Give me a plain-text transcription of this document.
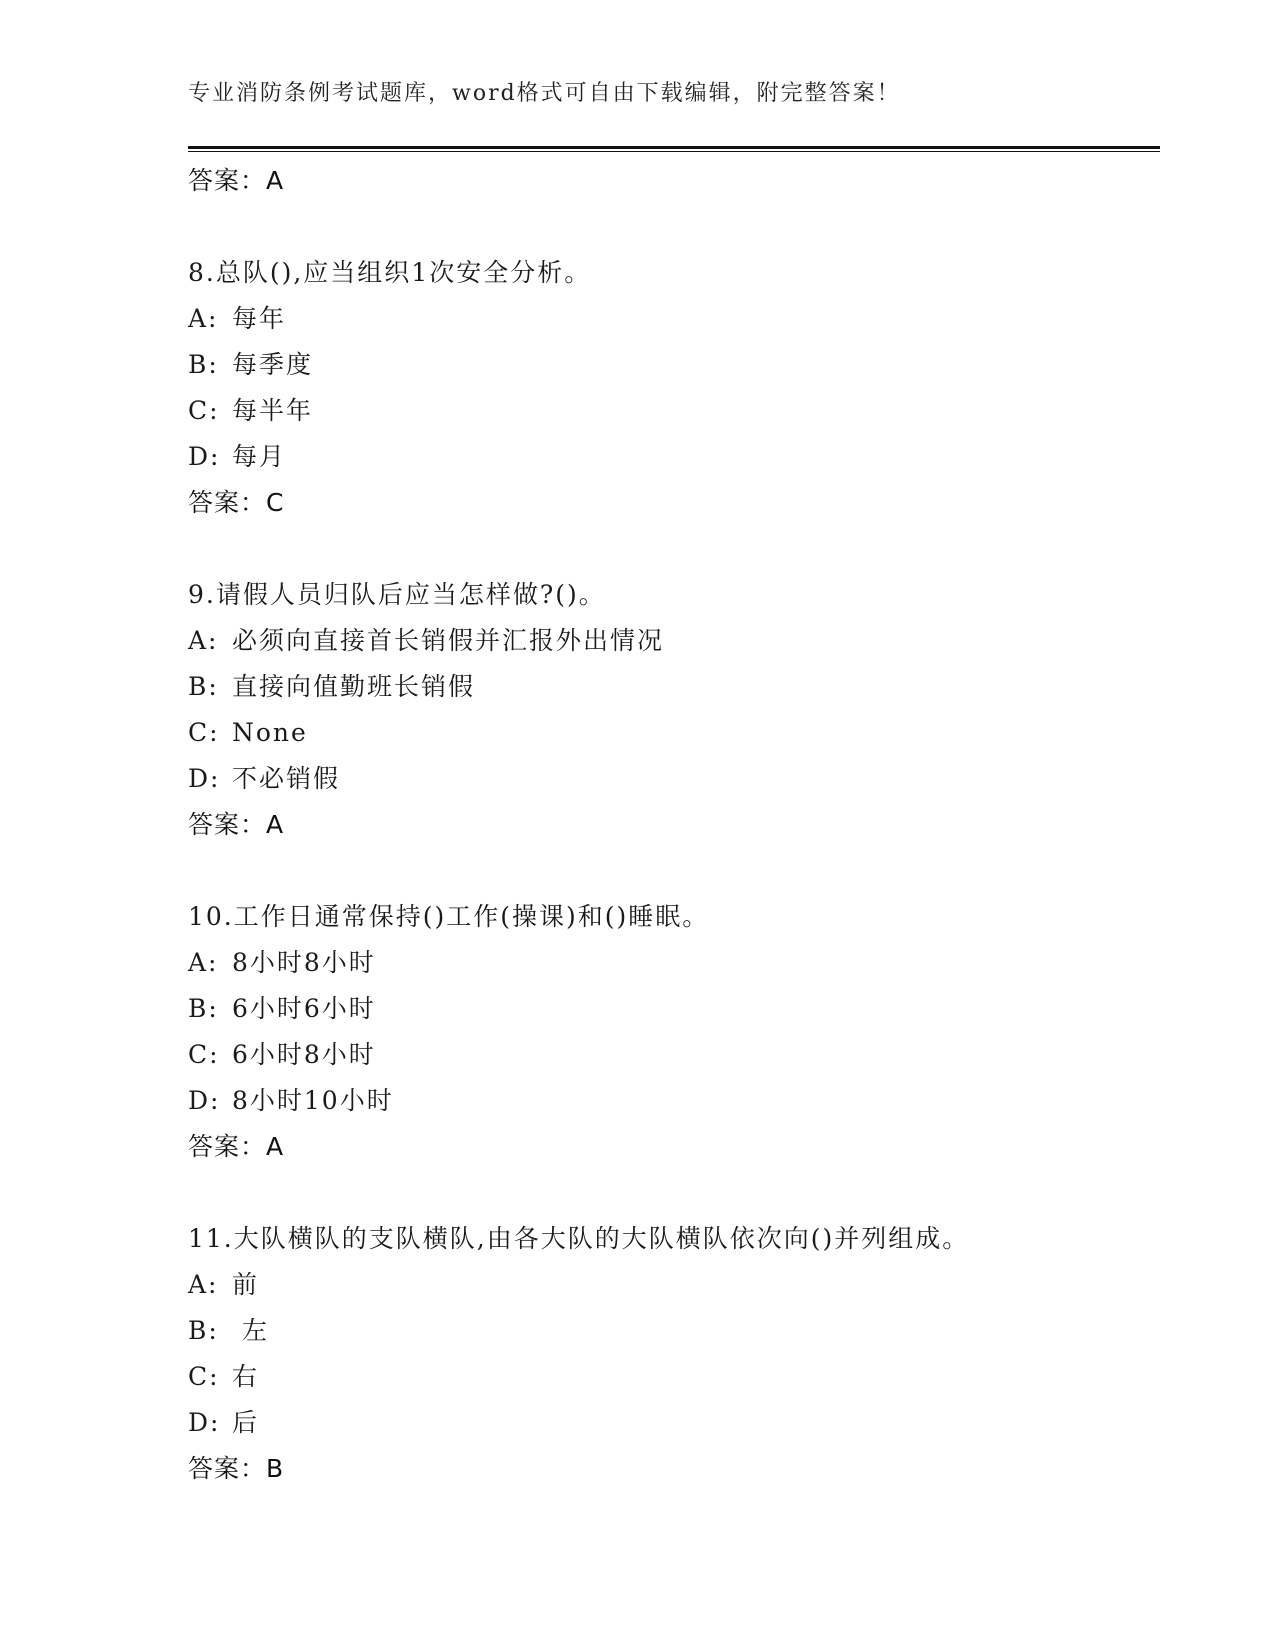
专业消防条例考试题库，word格式可自由下载编辑，附完整答案！
答案：A
8.总队(),应当组织1次安全分析。
A: 每年
B: 每季度
C: 每半年
D: 每月
答案：C
9.请假人员归队后应当怎样做?()。
A: 必须向直接首长销假并汇报外出情况
B: 直接向值勤班长销假
C: None
D: 不必销假
答案：A
10.工作日通常保持()工作(操课)和()睡眠。
A: 8小时8小时
B: 6小时6小时
C: 6小时8小时
D: 8小时10小时
答案：A
11.大队横队的支队横队,由各大队的大队横队依次向()并列组成。
A: 前
B: 左
C: 右
D: 后
答案：B
